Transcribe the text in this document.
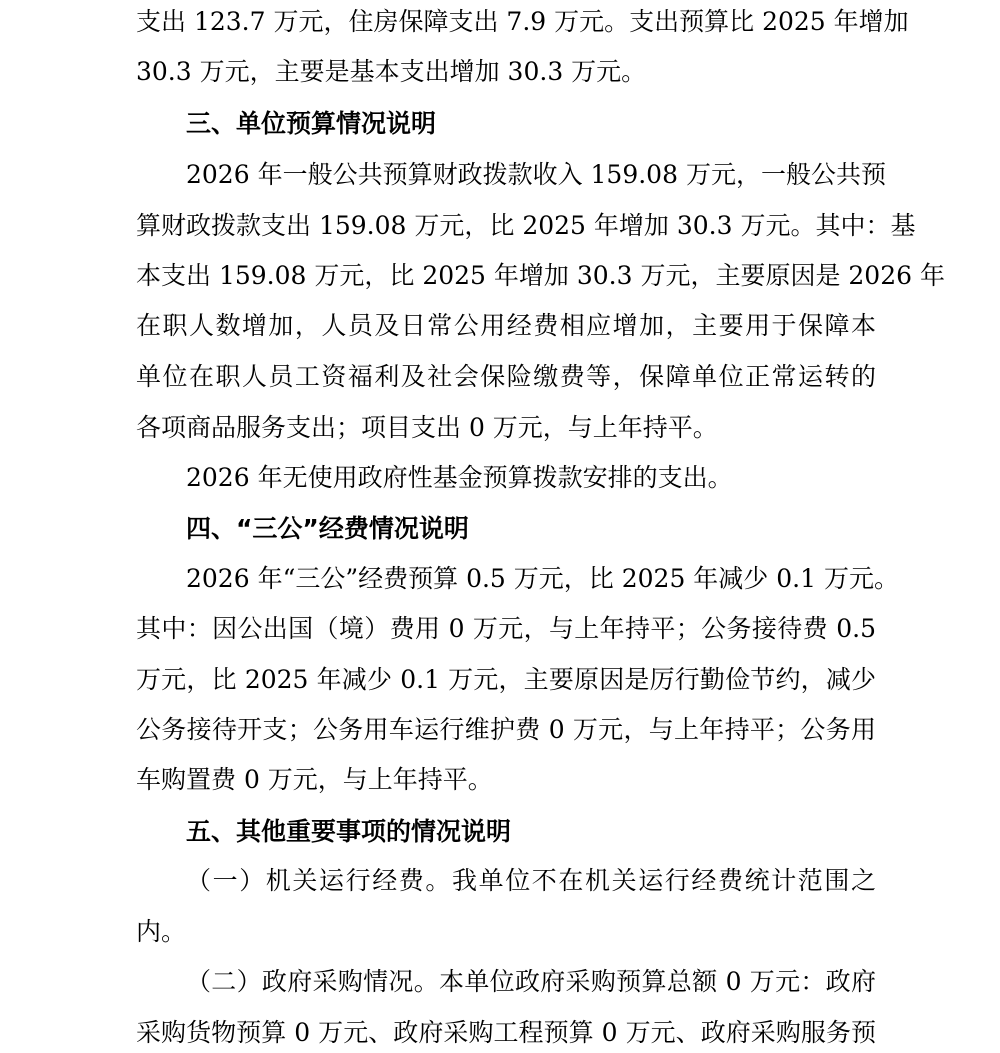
支出 123.7 万元，住房保障支出 7.9 万元。支出预算比 2025 年增加
30.3 万元，主要是基本支出增加 30.3 万元。
三、单位预算情况说明
2026 年一般公共预算财政拨款收入 159.08 万元，一般公共预
算财政拨款支出 159.08 万元，比 2025 年增加 30.3 万元。其中：基
本支出 159.08 万元，比 2025 年增加 30.3 万元，主要原因是 2026 年
在职人数增加，人员及日常公用经费相应增加，主要用于保障本
单位在职人员工资福利及社会保险缴费等，保障单位正常运转的
各项商品服务支出；项目支出 0 万元，与上年持平。
2026 年无使用政府性基金预算拨款安排的支出。
四、“三公”经费情况说明
2026 年“三公”经费预算 0.5 万元，比 2025 年减少 0.1 万元。
其中：因公出国（境）费用 0 万元，与上年持平；公务接待费 0.5
万元，比 2025 年减少 0.1 万元，主要原因是厉行勤俭节约，减少
公务接待开支；公务用车运行维护费 0 万元，与上年持平；公务用
车购置费 0 万元，与上年持平。
五、其他重要事项的情况说明
（一）机关运行经费。我单位不在机关运行经费统计范围之
内。
（二）政府采购情况。本单位政府采购预算总额 0 万元：政府
采购货物预算 0 万元、政府采购工程预算 0 万元、政府采购服务预
